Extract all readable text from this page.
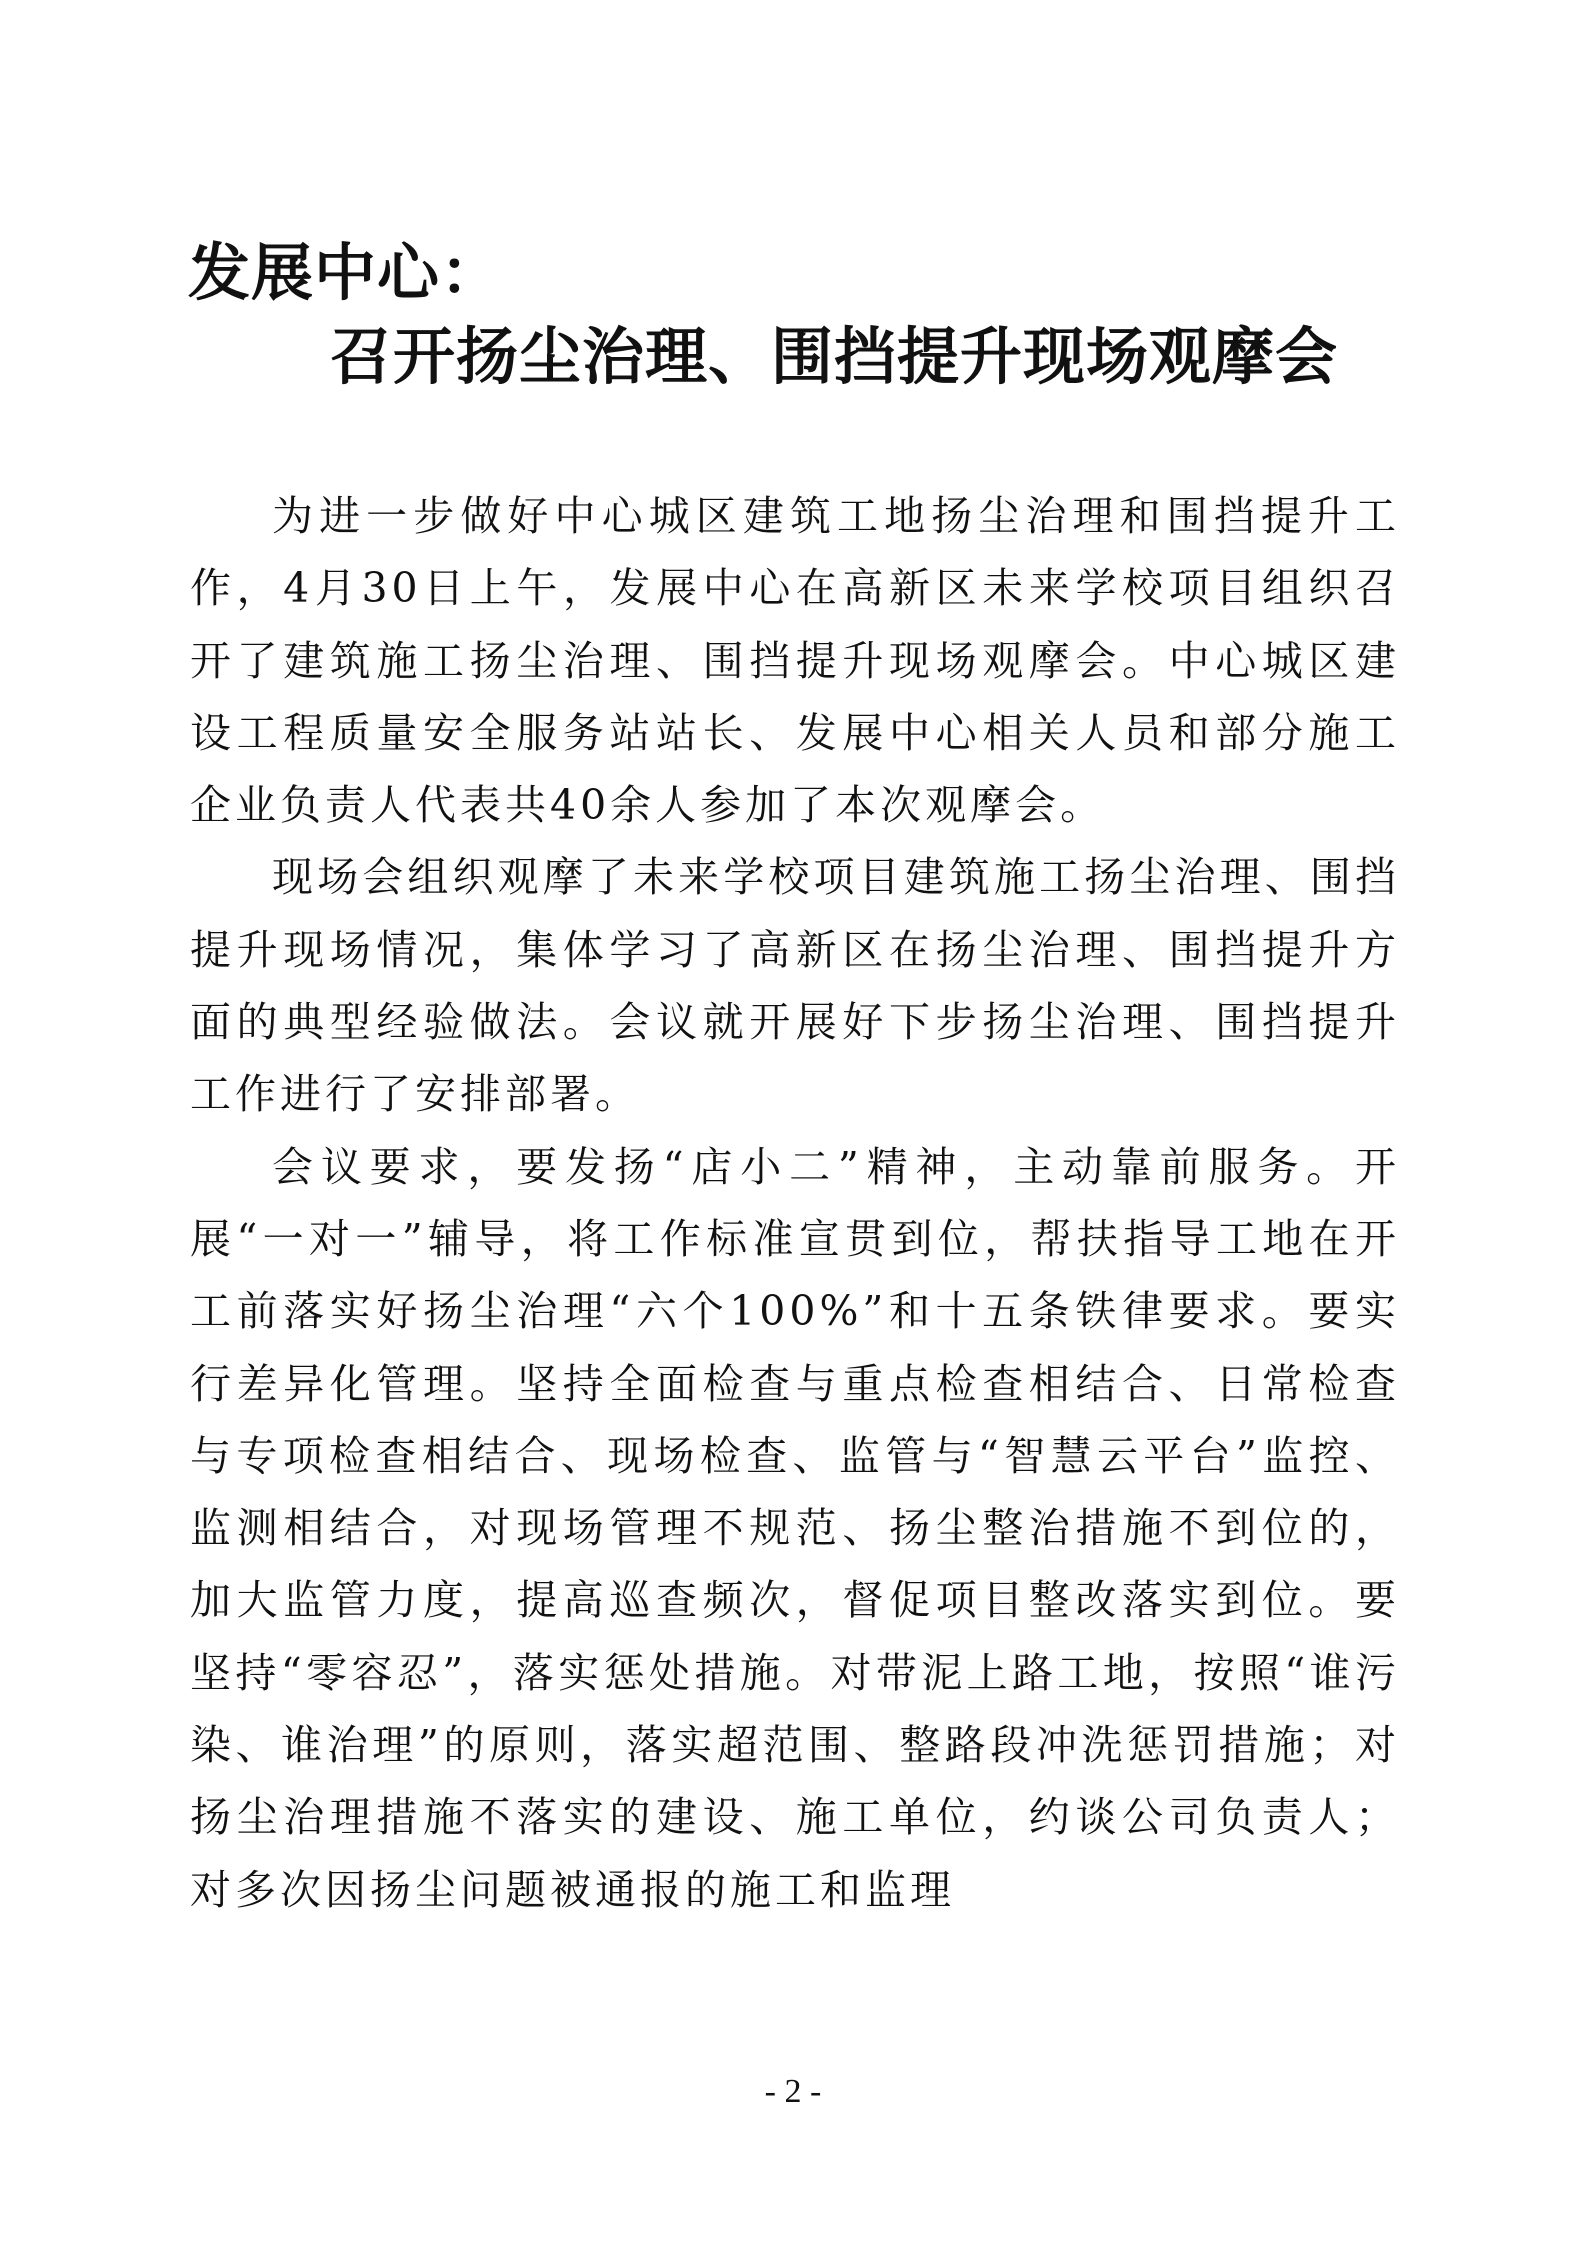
发展中心：
召开扬尘治理、围挡提升现场观摩会

为进一步做好中心城区建筑工地扬尘治理和围挡提升工作，4月30日上午，发展中心在高新区未来学校项目组织召开了建筑施工扬尘治理、围挡提升现场观摩会。中心城区建设工程质量安全服务站站长、发展中心相关人员和部分施工企业负责人代表共40余人参加了本次观摩会。

现场会组织观摩了未来学校项目建筑施工扬尘治理、围挡提升现场情况，集体学习了高新区在扬尘治理、围挡提升方面的典型经验做法。会议就开展好下步扬尘治理、围挡提升工作进行了安排部署。

会议要求，要发扬“店小二”精神，主动靠前服务。开展“一对一”辅导，将工作标准宣贯到位，帮扶指导工地在开工前落实好扬尘治理“六个100%”和十五条铁律要求。要实行差异化管理。坚持全面检查与重点检查相结合、日常检查与专项检查相结合、现场检查、监管与“智慧云平台”监控、监测相结合，对现场管理不规范、扬尘整治措施不到位的，加大监管力度，提高巡查频次，督促项目整改落实到位。要坚持“零容忍”，落实惩处措施。对带泥上路工地，按照“谁污染、谁治理”的原则，落实超范围、整路段冲洗惩罚措施；对扬尘治理措施不落实的建设、施工单位，约谈公司负责人；对多次因扬尘问题被通报的施工和监理

- 2 -
